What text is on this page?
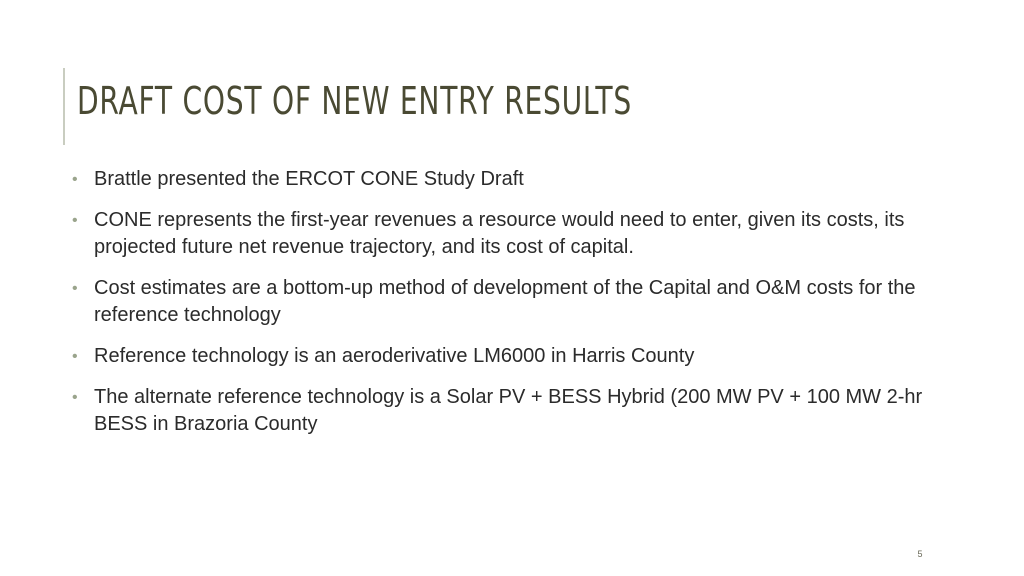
DRAFT COST OF NEW ENTRY RESULTS
• Brattle presented the ERCOT CONE Study Draft
• CONE represents the first-year revenues a resource would need to enter, given its costs, its projected future net revenue trajectory, and its cost of capital.
• Cost estimates are a bottom-up method of development of the Capital and O&M costs for the reference technology
• Reference technology is an aeroderivative LM6000 in Harris County
• The alternate reference technology is a Solar PV + BESS Hybrid (200 MW PV + 100 MW 2-hr BESS in Brazoria County
5
